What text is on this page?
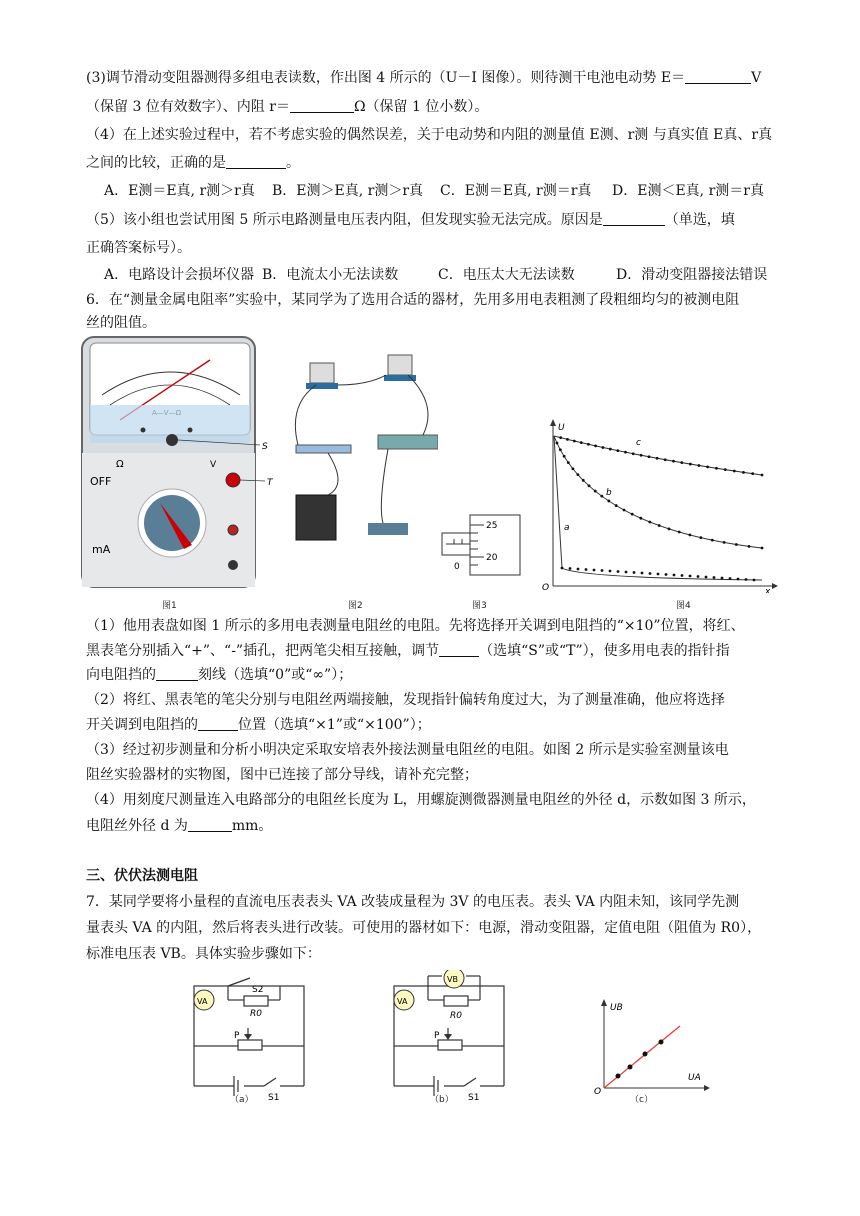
(3)调节滑动变阻器测得多组电表读数，作出图 4 所示的（U－I 图像）。则待测干电池电动势 E＝	V
（保留 3 位有效数字）、内阻 r＝	Ω（保留 1 位小数）。
（4）在上述实验过程中，若不考虑实验的偶然误差，关于电动势和内阻的测量值 E测、r测 与真实值 E真、r真
之间的比较，正确的是	。
A．E测＝E真, r测＞r真 B．E测＞E真, r测＞r真 C．E测＝E真, r测＝r真 D．E测＜E真, r测＝r真
（5）该小组也尝试用图 5 所示电路测量电压表内阻，但发现实验无法完成。原因是	（单选，填
正确答案标号）。
A．电路设计会损坏仪器 B．电流太小无法读数	C．电压太大无法读数	D．滑动变阻器接法错误
6．在“测量金属电阻率”实验中，某同学为了选用合适的器材，先用多用电表粗测了段粗细均匀的被测电阻
丝的阻值。
S
Ω
OFF
mA
V
T
图1	图2
25
20
0
图3
U
O	x
c
b
a
图4
（1）他用表盘如图 1 所示的多用电表测量电阻丝的电阻。先将选择开关调到电阻挡的“×10”位置，将红、
黑表笔分别插入“+”、“-”插孔，把两笔尖相互接触，调节	（选填“S”或“T”），使多用电表的指针指
向电阻挡的	刻线（选填“0”或“∞”）；
（2）将红、黑表笔的笔尖分别与电阻丝两端接触，发现指针偏转角度过大，为了测量准确，他应将选择
开关调到电阻挡的	位置（选填“×1”或“×100”）；
（3）经过初步测量和分析小明决定采取安培表外接法测量电阻丝的电阻。如图 2 所示是实验室测量该电
阻丝实验器材的实物图，图中已连接了部分导线，请补充完整；
（4）用刻度尺测量连入电路部分的电阻丝长度为 L，用螺旋测微器测量电阻丝的外径 d，示数如图 3 所示，
电阻丝外径 d 为	mm。
三、伏伏法测电阻
7．某同学要将小量程的直流电压表表头 VA 改装成量程为 3V 的电压表。表头 VA 内阻未知，该同学先测
量表头 VA 的内阻，然后将表头进行改装。可使用的器材如下：电源，滑动变阻器，定值电阻（阻值为 R0），
标准电压表 VB。具体实验步骤如下：
VA
S2
R0
P
S1
（a）
VA
VB
R0
P
S1
（b）
UB
UA
O
（c）
